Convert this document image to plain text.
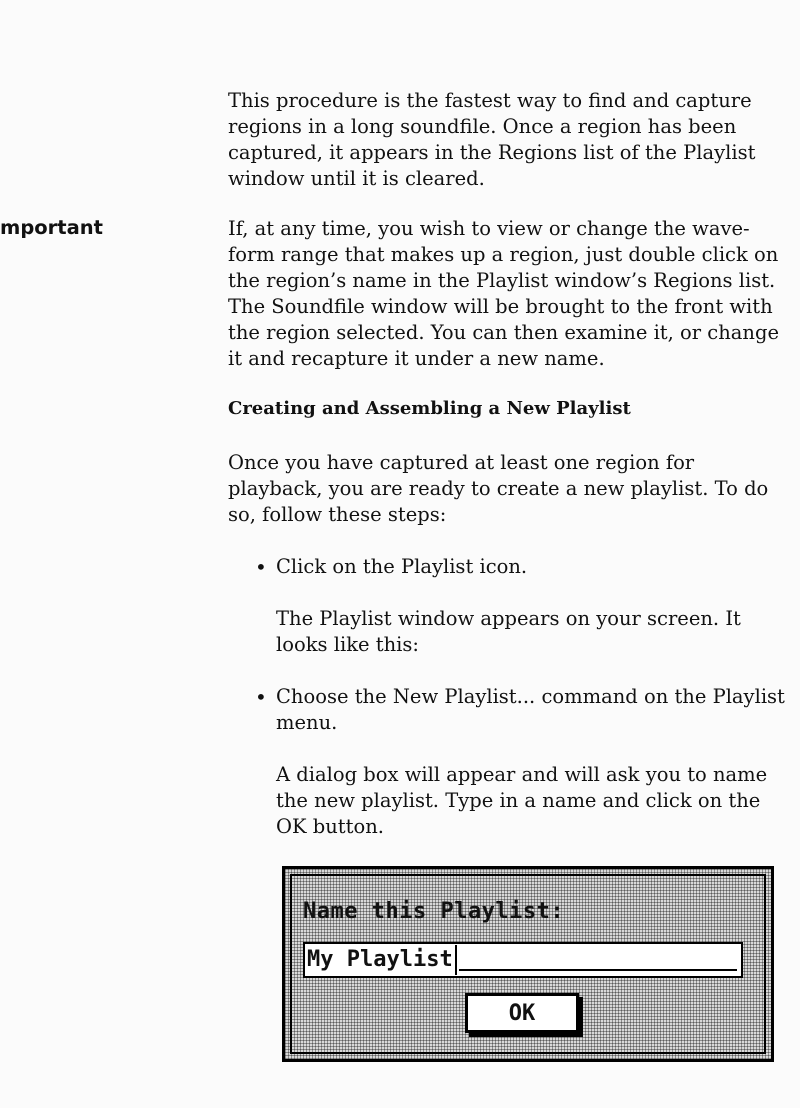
This procedure is the fastest way to find and capture regions in a long soundfile. Once a region has been captured, it appears in the Regions list of the Playlist window until it is cleared.

mportant	If, at any time, you wish to view or change the wave-form range that makes up a region, just double click on the region’s name in the Playlist window’s Regions list. The Soundfile window will be brought to the front with the region selected. You can then examine it, or change it and recapture it under a new name.

Creating and Assembling a New Playlist

Once you have captured at least one region for playback, you are ready to create a new playlist. To do so, follow these steps:

• Click on the Playlist icon.

The Playlist window appears on your screen. It looks like this:

• Choose the New Playlist... command on the Playlist menu.

A dialog box will appear and will ask you to name the new playlist. Type in a name and click on the OK button.

Name this Playlist:
My Playlist
OK
